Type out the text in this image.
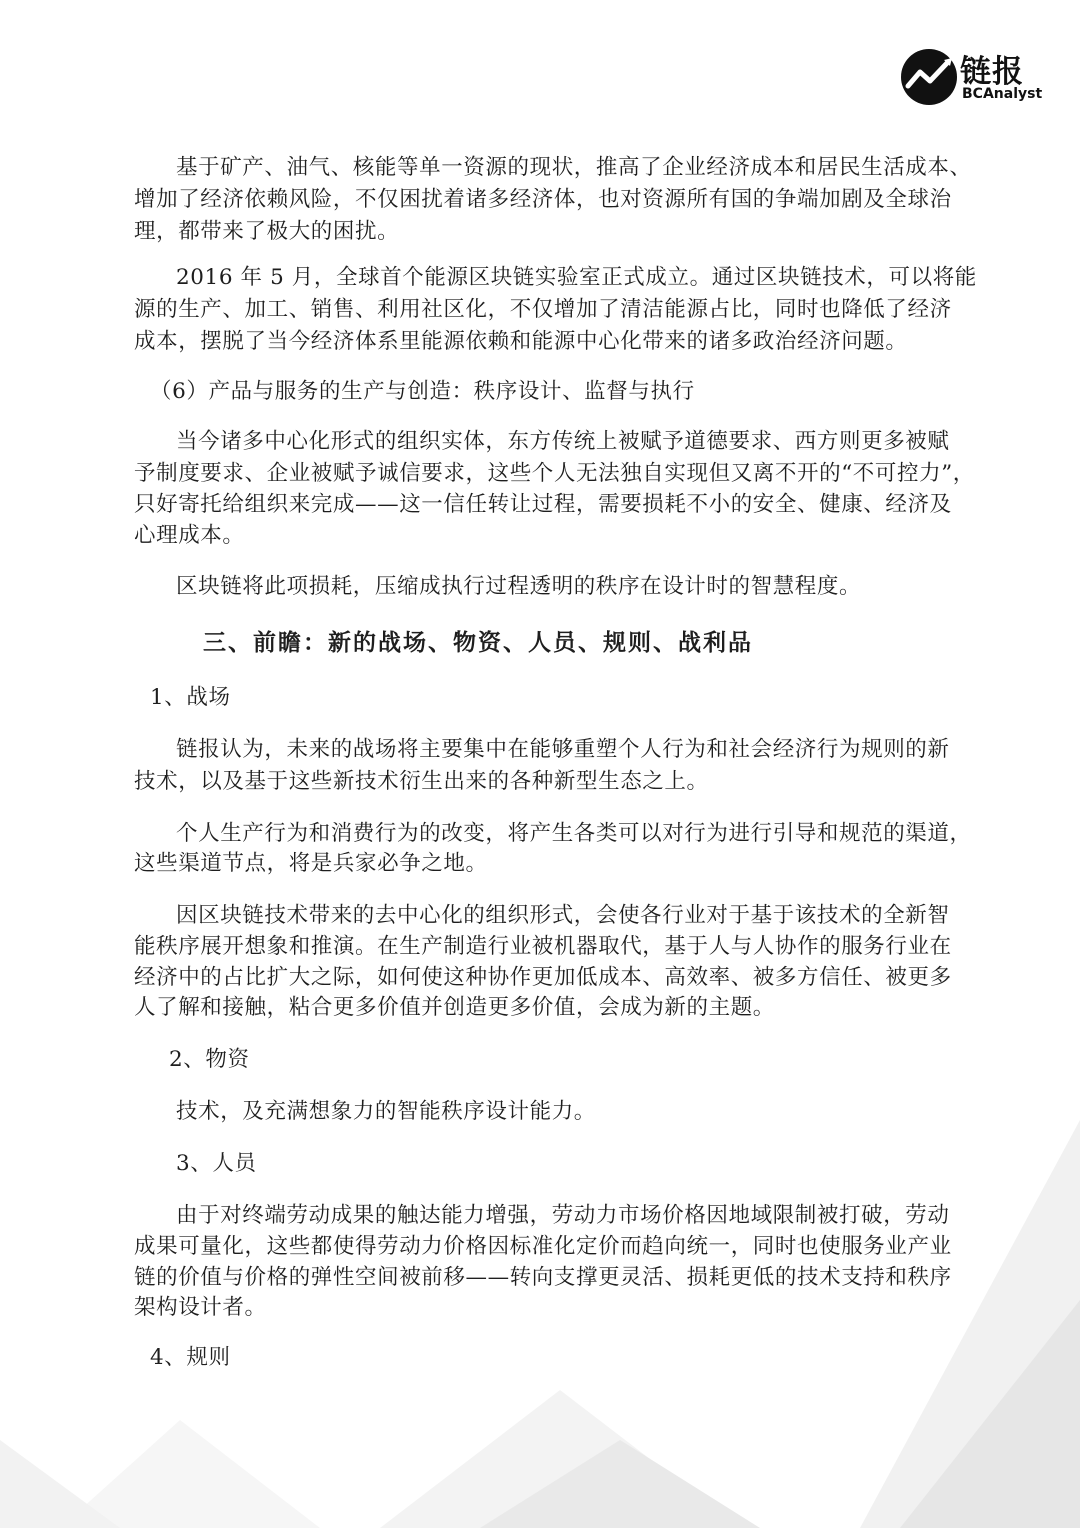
链报
BCAnalyst

基于矿产、油气、核能等单一资源的现状，推高了企业经济成本和居民生活成本、

增加了经济依赖风险，不仅困扰着诸多经济体，也对资源所有国的争端加剧及全球治

理，都带来了极大的困扰。

2016 年 5 月，全球首个能源区块链实验室正式成立。通过区块链技术，可以将能

源的生产、加工、销售、利用社区化，不仅增加了清洁能源占比，同时也降低了经济

成本，摆脱了当今经济体系里能源依赖和能源中心化带来的诸多政治经济问题。

（6）产品与服务的生产与创造：秩序设计、监督与执行

当今诸多中心化形式的组织实体，东方传统上被赋予道德要求、西方则更多被赋

予制度要求、企业被赋予诚信要求，这些个人无法独自实现但又离不开的“不可控力”，

只好寄托给组织来完成——这一信任转让过程，需要损耗不小的安全、健康、经济及

心理成本。

区块链将此项损耗，压缩成执行过程透明的秩序在设计时的智慧程度。

三、前瞻：新的战场、物资、人员、规则、战利品

1、战场

链报认为，未来的战场将主要集中在能够重塑个人行为和社会经济行为规则的新

技术，以及基于这些新技术衍生出来的各种新型生态之上。

个人生产行为和消费行为的改变，将产生各类可以对行为进行引导和规范的渠道，

这些渠道节点，将是兵家必争之地。

因区块链技术带来的去中心化的组织形式，会使各行业对于基于该技术的全新智

能秩序展开想象和推演。在生产制造行业被机器取代，基于人与人协作的服务行业在

经济中的占比扩大之际，如何使这种协作更加低成本、高效率、被多方信任、被更多

人了解和接触，粘合更多价值并创造更多价值，会成为新的主题。

2、物资

技术，及充满想象力的智能秩序设计能力。

3、人员

由于对终端劳动成果的触达能力增强，劳动力市场价格因地域限制被打破，劳动

成果可量化，这些都使得劳动力价格因标准化定价而趋向统一，同时也使服务业产业

链的价值与价格的弹性空间被前移——转向支撑更灵活、损耗更低的技术支持和秩序

架构设计者。

4、规则
